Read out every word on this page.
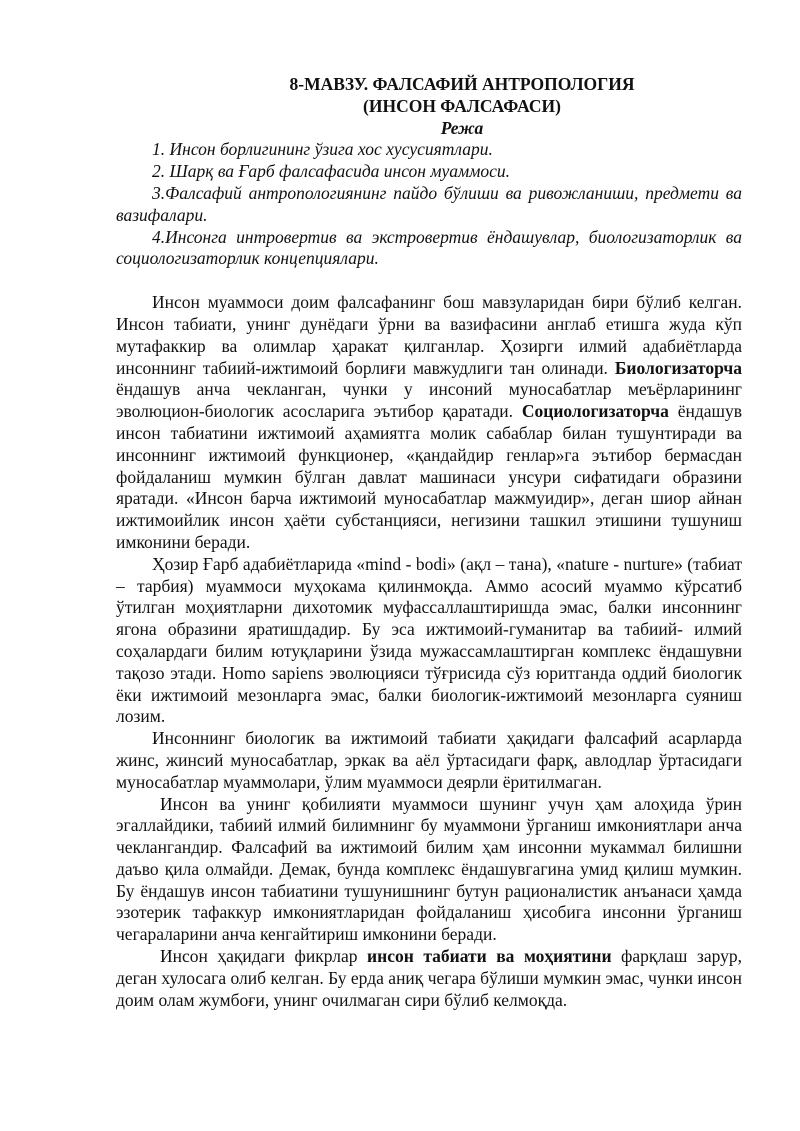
8-МАВЗУ. ФАЛСАФИЙ АНТРОПОЛОГИЯ

(ИНСОН ФАЛСАФАСИ)

Режа

1. Инсон борлигининг ўзига хос хусусиятлари.
2. Шарқ ва Ғарб фалсафасида инсон муаммоси.
3.Фалсафий антропологиянинг пайдо бўлиши ва ривожланиши, предмети ва вазифалари.
4.Инсонга интровертив ва экстровертив ёндашувлар, биологизаторлик ва социологизаторлик концепциялари.

Инсон муаммоси доим фалсафанинг бош мавзуларидан бири бўлиб келган. Инсон табиати, унинг дунёдаги ўрни ва вазифасини англаб етишга жуда кўп мутафаккир ва олимлар ҳаракат қилганлар. Ҳозирги илмий адабиётларда инсоннинг табиий-ижтимоий борлиғи мавжудлиги тан олинади. Биологизаторча ёндашув анча чекланган, чунки у инсоний муносабатлар меъёрларининг эволюцион-биологик асосларига эътибор қаратади. Социологизаторча ёндашув инсон табиатини ижтимоий аҳамиятга молик сабаблар билан тушунтиради ва инсоннинг ижтимоий функционер, «қандайдир генлар»га эътибор бермасдан фойдаланиш мумкин бўлган давлат машинаси унсури сифатидаги образини яратади. «Инсон барча ижтимоий муносабатлар мажмуидир», деган шиор айнан ижтимоийлик инсон ҳаёти субстанцияси, негизини ташкил этишини тушуниш имконини беради.

Ҳозир Ғарб адабиётларида «mind - bodi» (ақл – тана), «nature - nurture» (табиат – тарбия) муаммоси муҳокама қилинмоқда. Аммо асосий муаммо кўрсатиб ўтилган моҳиятларни дихотомик муфассаллаштиришда эмас, балки инсоннинг ягона образини яратишдадир. Бу эса ижтимоий-гуманитар ва табиий- илмий соҳалардаги билим ютуқларини ўзида мужассамлаштирган комплекс ёндашувни тақозо этади. Homo sapiens эволюцияси тўғрисида сўз юритганда оддий биологик ёки ижтимоий мезонларга эмас, балки биологик-ижтимоий мезонларга суяниш лозим.

Инсоннинг биологик ва ижтимоий табиати ҳақидаги фалсафий асарларда жинс, жинсий муносабатлар, эркак ва аёл ўртасидаги фарқ, авлодлар ўртасидаги муносабатлар муаммолари, ўлим муаммоси деярли ёритилмаган.

Инсон ва унинг қобилияти муаммоси шунинг учун ҳам алоҳида ўрин эгаллайдики, табиий илмий билимнинг бу муаммони ўрганиш имкониятлари анча чеклангандир. Фалсафий ва ижтимоий билим ҳам инсонни мукаммал билишни даъво қила олмайди. Демак, бунда комплекс ёндашувгагина умид қилиш мумкин. Бу ёндашув инсон табиатини тушунишнинг бутун рационалистик анъанаси ҳамда эзотерик тафаккур имкониятларидан фойдаланиш ҳисобига инсонни ўрганиш чегараларини анча кенгайтириш имконини беради.

Инсон ҳақидаги фикрлар инсон табиати ва моҳиятини фарқлаш зарур, деган хулосага олиб келган. Бу ерда аниқ чегара бўлиши мумкин эмас, чунки инсон доим олам жумбоғи, унинг очилмаган сири бўлиб келмоқда.
